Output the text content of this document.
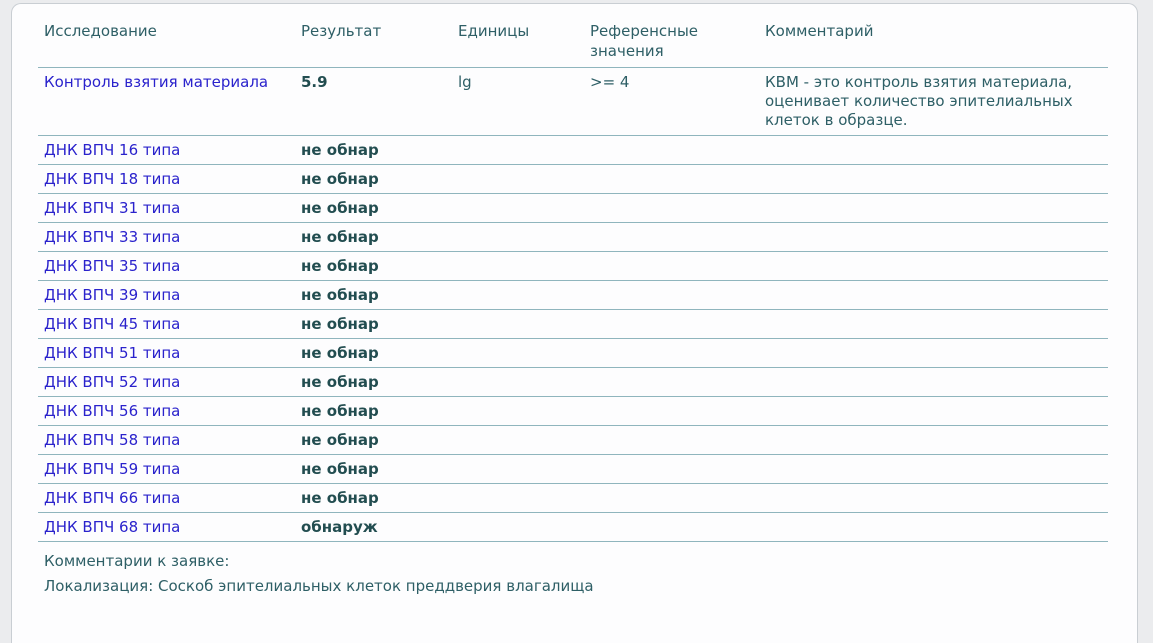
Исследование	Результат	Единицы	Референсные значения	Комментарий
Контроль взятия материала	5.9	lg	>= 4	КВМ - это контроль взятия материала, оценивает количество эпителиальных клеток в образце.
ДНК ВПЧ 16 типа	не обнар			
ДНК ВПЧ 18 типа	не обнар			
ДНК ВПЧ 31 типа	не обнар			
ДНК ВПЧ 33 типа	не обнар			
ДНК ВПЧ 35 типа	не обнар			
ДНК ВПЧ 39 типа	не обнар			
ДНК ВПЧ 45 типа	не обнар			
ДНК ВПЧ 51 типа	не обнар			
ДНК ВПЧ 52 типа	не обнар			
ДНК ВПЧ 56 типа	не обнар			
ДНК ВПЧ 58 типа	не обнар			
ДНК ВПЧ 59 типа	не обнар			
ДНК ВПЧ 66 типа	не обнар			
ДНК ВПЧ 68 типа	обнаруж			
Комментарии к заявке:
Локализация: Соскоб эпителиальных клеток преддверия влагалища
